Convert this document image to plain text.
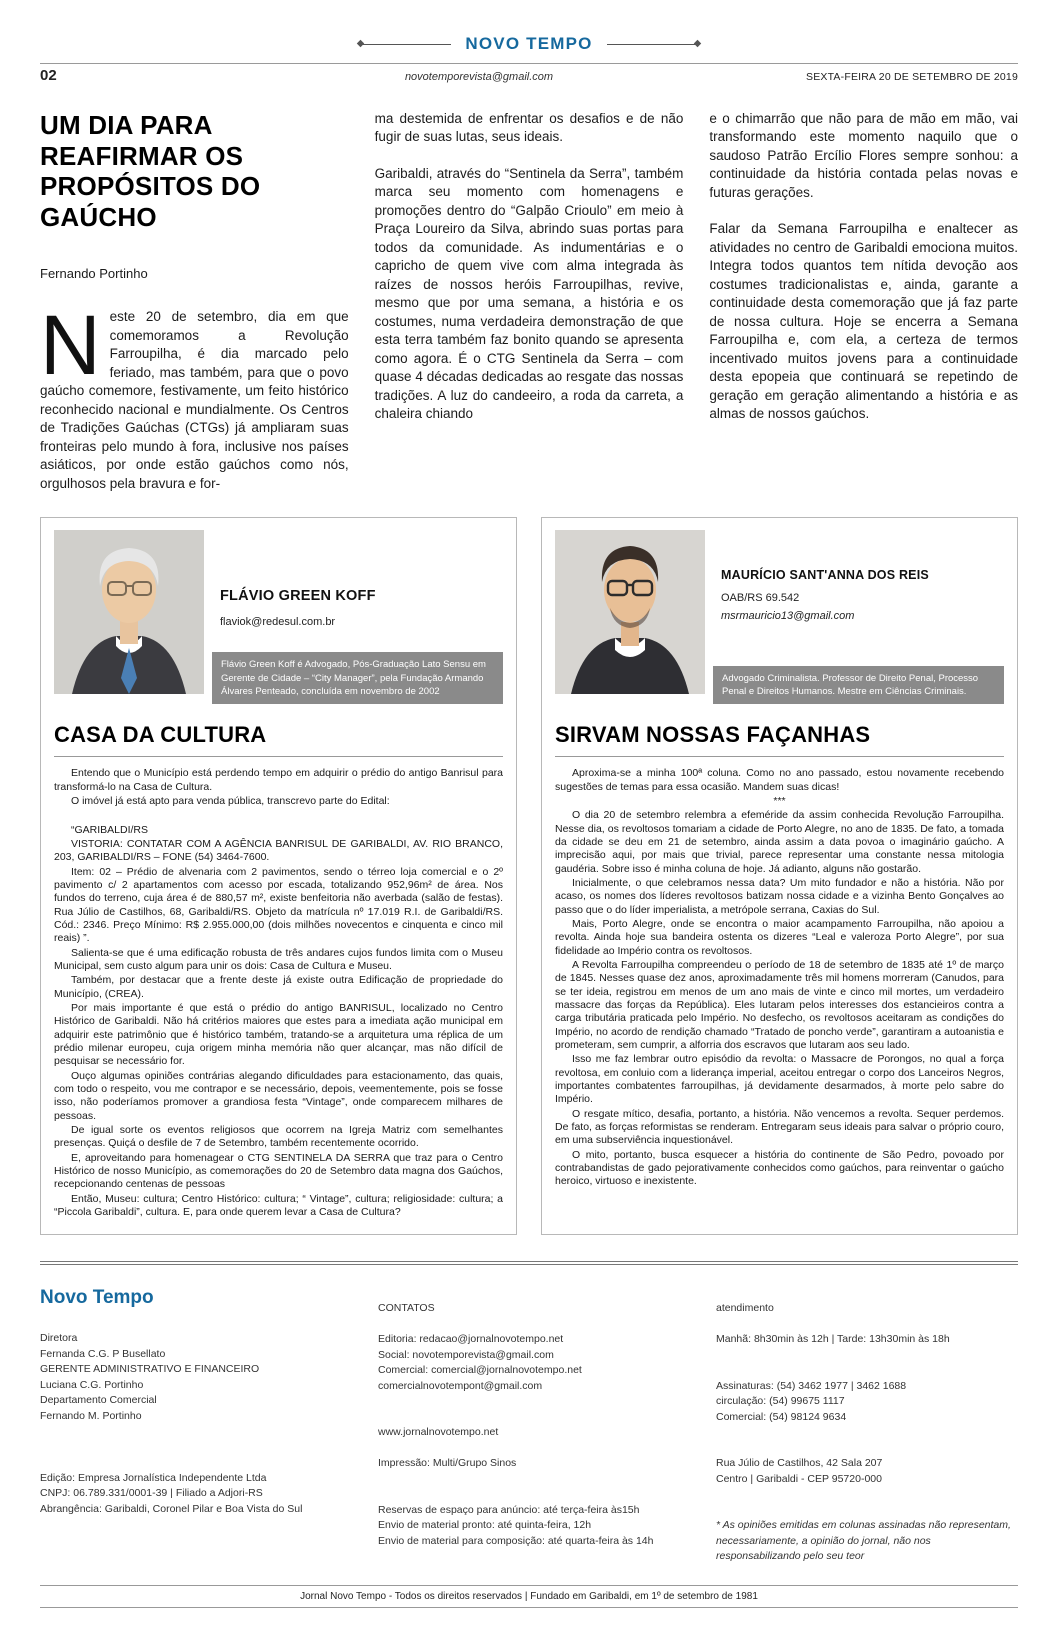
NOVO TEMPO
02	novotemporevista@gmail.com	SEXTA-FEIRA 20 DE SETEMBRO DE 2019
UM DIA PARA REAFIRMAR OS PROPÓSITOS DO GAÚCHO
Fernando Portinho

Neste 20 de setembro, dia em que comemoramos a Revolução Farroupilha, é dia marcado pelo feriado, mas também, para que o povo gaúcho comemore, festivamente, um feito histórico reconhecido nacional e mundialmente. Os Centros de Tradições Gaúchas (CTGs) já ampliaram suas fronteiras pelo mundo à fora, inclusive nos países asiáticos, por onde estão gaúchos como nós, orgulhosos pela bravura e for-

ma destemida de enfrentar os desafios e de não fugir de suas lutas, seus ideais.

Garibaldi, através do “Sentinela da Serra”, também marca seu momento com homenagens e promoções dentro do “Galpão Crioulo” em meio à Praça Loureiro da Silva, abrindo suas portas para todos da comunidade. As indumentárias e o capricho de quem vive com alma integrada às raízes de nossos heróis Farroupilhas, revive, mesmo que por uma semana, a história e os costumes, numa verdadeira demonstração de que esta terra também faz bonito quando se apresenta como agora. É o CTG Sentinela da Serra – com quase 4 décadas dedicadas ao resgate das nossas tradições. A luz do candeeiro, a roda da carreta, a chaleira chiando

e o chimarrão que não para de mão em mão, vai transformando este momento naquilo que o saudoso Patrão Ercílio Flores sempre sonhou: a continuidade da história contada pelas novas e futuras gerações.

Falar da Semana Farroupilha e enaltecer as atividades no centro de Garibaldi emociona muitos. Integra todos quantos tem nítida devoção aos costumes tradicionalistas e, ainda, garante a continuidade desta comemoração que já faz parte de nossa cultura. Hoje se encerra a Semana Farroupilha e, com ela, a certeza de termos incentivado muitos jovens para a continuidade desta epopeia que continuará se repetindo de geração em geração alimentando a história e as almas de nossos gaúchos.

FLÁVIO GREEN KOFF
flaviok@redesul.com.br
Flávio Green Koff é Advogado, Pós-Graduação Lato Sensu em Gerente de Cidade – “City Manager”, pela Fundação Armando Álvares Penteado, concluída em novembro de 2002
CASA DA CULTURA

Entendo que o Município está perdendo tempo em adquirir o prédio do antigo Banrisul para transformá-lo na Casa de Cultura.

O imóvel já está apto para venda pública, transcrevo parte do Edital:

“GARIBALDI/RS

VISTORIA: CONTATAR COM A AGÊNCIA BANRISUL DE GARIBALDI, AV. RIO BRANCO, 203, GARIBALDI/RS – FONE (54) 3464-7600.

Item: 02 – Prédio de alvenaria com 2 pavimentos, sendo o térreo loja comercial e o 2º pavimento c/ 2 apartamentos com acesso por escada, totalizando 952,96m² de área. Nos fundos do terreno, cuja área é de 880,57 m², existe benfeitoria não averbada (salão de festas). Rua Júlio de Castilhos, 68, Garibaldi/RS. Objeto da matrícula nº 17.019 R.I. de Garibaldi/RS. Cód.: 2346. Preço Mínimo: R$ 2.955.000,00 (dois milhões novecentos e cinquenta e cinco mil reais) ”.

Salienta-se que é uma edificação robusta de três andares cujos fundos limita com o Museu Municipal, sem custo algum para unir os dois: Casa de Cultura e Museu.

Também, por destacar que a frente deste já existe outra Edificação de propriedade do Município, (CREA).

Por mais importante é que está o prédio do antigo BANRISUL, localizado no Centro Histórico de Garibaldi. Não há critérios maiores que estes para a imediata ação municipal em adquirir este patrimônio que é histórico também, tratando-se a arquitetura uma réplica de um prédio milenar europeu, cuja origem minha memória não quer alcançar, mas não difícil de pesquisar se necessário for.

Ouço algumas opiniões contrárias alegando dificuldades para estacionamento, das quais, com todo o respeito, vou me contrapor e se necessário, depois, veementemente, pois se fosse isso, não poderíamos promover a grandiosa festa “Vintage”, onde comparecem milhares de pessoas.

De igual sorte os eventos religiosos que ocorrem na Igreja Matriz com semelhantes presenças. Quiçá o desfile de 7 de Setembro, também recentemente ocorrido.

E, aproveitando para homenagear o CTG SENTINELA DA SERRA que traz para o Centro Histórico de nosso Município, as comemorações do 20 de Setembro data magna dos Gaúchos, recepcionando centenas de pessoas

Então, Museu: cultura; Centro Histórico: cultura; “ Vintage”, cultura; religiosidade: cultura; a “Piccola Garibaldi”, cultura. E, para onde querem levar a Casa de Cultura?

MAURÍCIO SANT'ANNA DOS REIS
OAB/RS 69.542
msrmauricio13@gmail.com
Advogado Criminalista. Professor de Direito Penal, Processo Penal e Direitos Humanos. Mestre em Ciências Criminais.
SIRVAM NOSSAS FAÇANHAS

Aproxima-se a minha 100ª coluna. Como no ano passado, estou novamente recebendo sugestões de temas para essa ocasião. Mandem suas dicas!

***

O dia 20 de setembro relembra a efeméride da assim conhecida Revolução Farroupilha. Nesse dia, os revoltosos tomariam a cidade de Porto Alegre, no ano de 1835. De fato, a tomada da cidade se deu em 21 de setembro, ainda assim a data povoa o imaginário gaúcho. A imprecisão aqui, por mais que trivial, parece representar uma constante nessa mitologia gaudéria. Sobre isso é minha coluna de hoje. Já adianto, alguns não gostarão.

Inicialmente, o que celebramos nessa data? Um mito fundador e não a história. Não por acaso, os nomes dos líderes revoltosos batizam nossa cidade e a vizinha Bento Gonçalves ao passo que o do líder imperialista, a metrópole serrana, Caxias do Sul.

Mais, Porto Alegre, onde se encontra o maior acampamento Farroupilha, não apoiou a revolta. Ainda hoje sua bandeira ostenta os dizeres “Leal e valeroza Porto Alegre”, por sua fidelidade ao Império contra os revoltosos.

A Revolta Farroupilha compreendeu o período de 18 de setembro de 1835 até 1º de março de 1845. Nesses quase dez anos, aproximadamente três mil homens morreram (Canudos, para se ter ideia, registrou em menos de um ano mais de vinte e cinco mil mortes, um verdadeiro massacre das forças da República). Eles lutaram pelos interesses dos estancieiros contra a carga tributária praticada pelo Império. No desfecho, os revoltosos aceitaram as condições do Império, no acordo de rendição chamado “Tratado de poncho verde”, garantiram a autoanistia e prometeram, sem cumprir, a alforria dos escravos que lutaram aos seu lado.

Isso me faz lembrar outro episódio da revolta: o Massacre de Porongos, no qual a força revoltosa, em conluio com a liderança imperial, aceitou entregar o corpo dos Lanceiros Negros, importantes combatentes farroupilhas, já devidamente desarmados, à morte pelo sabre do Império.

O resgate mítico, desafia, portanto, a história. Não vencemos a revolta. Sequer perdemos. De fato, as forças reformistas se renderam. Entregaram seus ideais para salvar o próprio couro, em uma subserviência inquestionável.

O mito, portanto, busca esquecer a história do continente de São Pedro, povoado por contrabandistas de gado pejorativamente conhecidos como gaúchos, para reinventar o gaúcho heroico, virtuoso e inexistente.

Novo Tempo
Diretora
Fernanda C.G. P Busellato
GERENTE ADMINISTRATIVO E FINANCEIRO
Luciana C.G. Portinho
Departamento Comercial
Fernando M. Portinho

Edição: Empresa Jornalística Independente Ltda
CNPJ: 06.789.331/0001-39 | Filiado a Adjori-RS
Abrangência: Garibaldi, Coronel Pilar e Boa Vista do Sul
CONTATOS

Editoria: redacao@jornalnovotempo.net
Social: novotemporevista@gmail.com
Comercial: comercial@jornalnovotempo.net
comercialnovotempont@gmail.com

www.jornalnovotempo.net

Impressão: Multi/Grupo Sinos

Reservas de espaço para anúncio: até terça-feira às15h
Envio de material pronto: até quinta-feira, 12h
Envio de material para composição: até quarta-feira às 14h
atendimento

Manhã: 8h30min às 12h | Tarde: 13h30min às 18h

Assinaturas: (54) 3462 1977 | 3462 1688
circulação: (54) 99675 1117
Comercial: (54) 98124 9634

Rua Júlio de Castilhos, 42 Sala 207
Centro | Garibaldi - CEP 95720-000

* As opiniões emitidas em colunas assinadas não representam,
necessariamente, a opinião do jornal, não nos responsabilizando pelo seu teor
Jornal Novo Tempo - Todos os direitos reservados | Fundado em Garibaldi, em 1º de setembro de 1981
